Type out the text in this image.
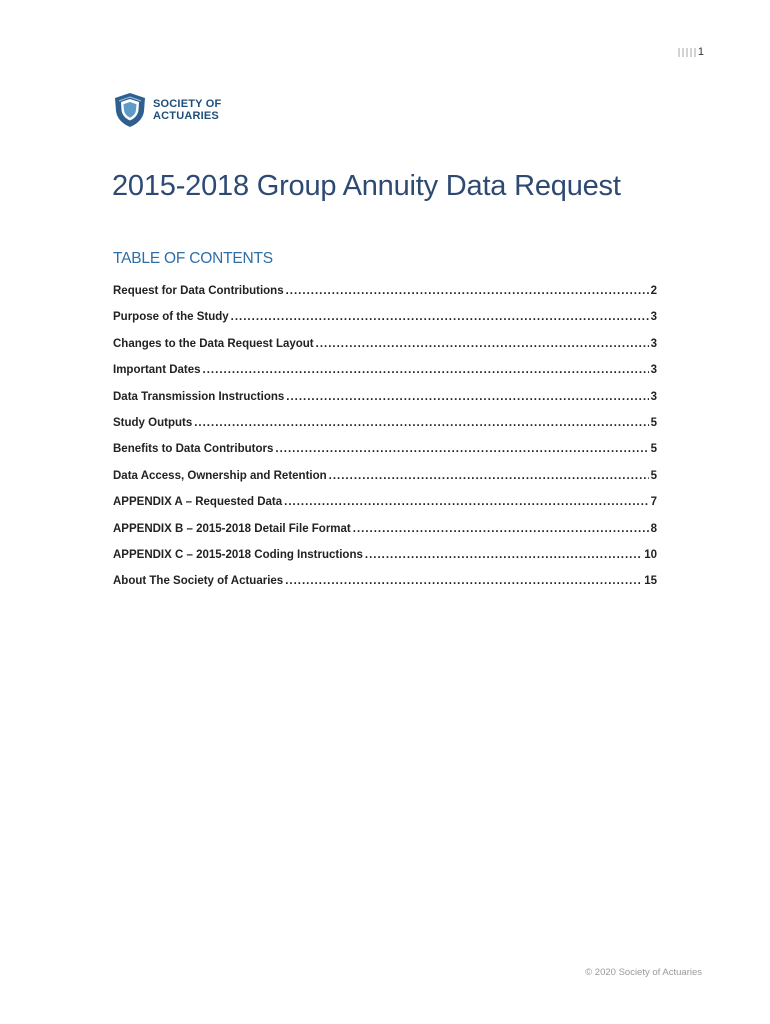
1
SOCIETY OF
ACTUARIES
2015-2018 Group Annuity Data Request
TABLE OF CONTENTS
Request for Data Contributions .....	2
Purpose of the Study .....	3
Changes to the Data Request Layout .....	3
Important Dates .....	3
Data Transmission Instructions .....	3
Study Outputs .....	5
Benefits to Data Contributors .....	5
Data Access, Ownership and Retention .....	5
APPENDIX A – Requested Data .....	7
APPENDIX B – 2015-2018 Detail File Format .....	8
APPENDIX C – 2015-2018 Coding Instructions .....	10
About The Society of Actuaries .....	15
© 2020 Society of Actuaries
